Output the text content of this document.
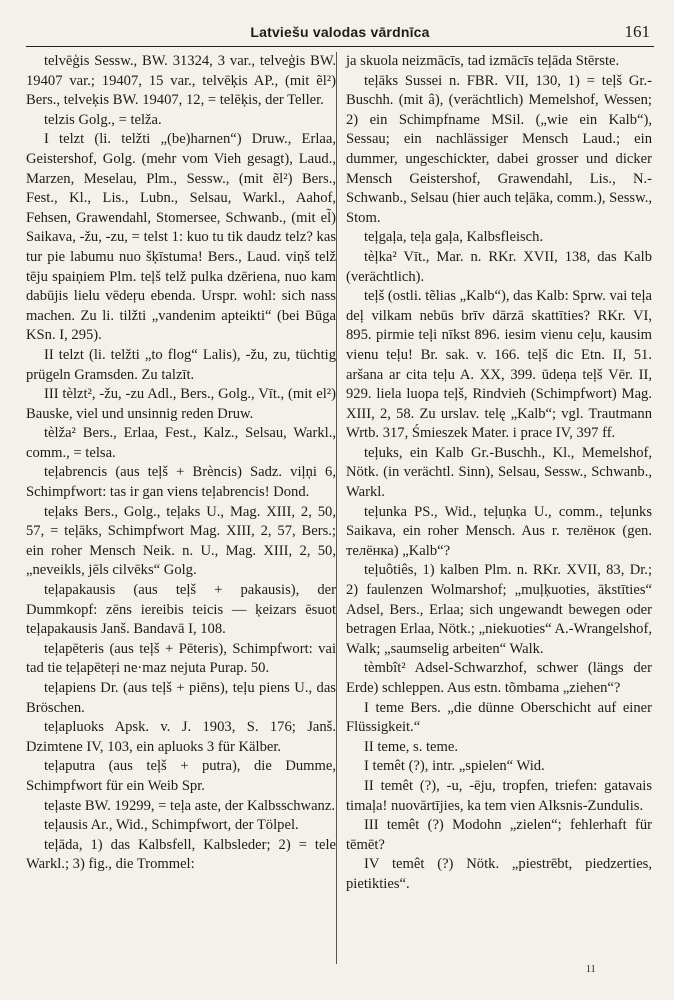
Latviešu valodas vārdnīca	161

telvēģis Sessw., BW. 31324, 3 var., telveģis BW. 19407 var.; 19407, 15 var., telvēķis AP., (mit ẽl²) Bers., telveķis BW. 19407, 12, = telēķis, der Teller.

telzis Golg., = telža.

I telzt (li. telžti „(be)harnen“) Druw., Erlaa, Geistershof, Golg. (mehr vom Vieh gesagt), Laud., Marzen, Meselau, Plm., Sessw., (mit ẽl²) Bers., Fest., Kl., Lis., Lubn., Selsau, Warkl., Aahof, Fehsen, Grawendahl, Stomersee, Schwanb., (mit el̃) Saikava, -žu, -zu, = telst 1: kuo tu tik daudz telz? kas tur pie labumu nuo šķīstuma! Bers., Laud. viņš telž tēju spaiņiem Plm. teļš telž pulka dzēriena, nuo kam dabūjis lielu vēdeŗu ebenda. Urspr. wohl: sich nass machen. Zu li. tilžti „vandenim apteikti“ (bei Būga KSn. I, 295).

II telzt (li. telžti „to flog“ Lalis), -žu, zu, tüchtig prügeln Gramsden. Zu talzīt.

III tèlzt², -žu, -zu Adl., Bers., Golg., Vīt., (mit el²) Bauske, viel und unsinnig reden Druw.

tèlža² Bers., Erlaa, Fest., Kalz., Selsau, Warkl., comm., = telsa.

teļabrencis (aus teļš + Brèncis) Sadz. viļņi 6, Schimpfwort: tas ir gan viens teļabrencis! Dond.

teļaks Bers., Golg., teļaks U., Mag. XIII, 2, 50, 57, = teļāks, Schimpfwort Mag. XIII, 2, 57, Bers.; ein roher Mensch Neik. n. U., Mag. XIII, 2, 50, „neveikls, jēls cilvēks“ Golg.

teļapakausis (aus teļš + pakausis), der Dummkopf: zēns iereibis teicis — ķeizars ēsuot teļapakausis Janš. Bandavā I, 108.

teļapēteris (aus teļš + Pēteris), Schimpfwort: vai tad tie teļapēteŗi ne·maz nejuta Purap. 50.

teļapiens Dr. (aus teļš + piēns), teļu piens U., das Bröschen.

teļapluoks Apsk. v. J. 1903, S. 176; Janš. Dzimtene IV, 103, ein apluoks 3 für Kälber.

teļaputra (aus teļš + putra), die Dumme, Schimpfwort für ein Weib Spr.

teļaste BW. 19299, = teļa aste, der Kalbsschwanz.

teļausis Ar., Wid., Schimpfwort, der Tölpel.

teļāda, 1) das Kalbsfell, Kalbsleder; 2) = tele Warkl.; 3) fig., die Trommel:

ja skuola neizmācīs, tad izmācīs teļāda Stērste.

teļāks Sussei n. FBR. VII, 130, 1) = teļš Gr.-Buschh. (mit â), (verächtlich) Memelshof, Wessen; 2) ein Schimpfname MSil. („wie ein Kalb“), Sessau; ein nachlässiger Mensch Laud.; ein dummer, ungeschickter, dabei grosser und dicker Mensch Geistershof, Grawendahl, Lis., N.-Schwanb., Selsau (hier auch teļāka, comm.), Sessw., Stom.

teļgaļa, teļa gaļa, Kalbsfleisch.

tèļka² Vīt., Mar. n. RKr. XVII, 138, das Kalb (verächtlich).

teļš (ostli. tẽlias „Kalb“), das Kalb: Sprw. vai teļa deļ vilkam nebūs brīv dārzā skattīties? RKr. VI, 895. pirmie teļi nīkst 896. iesim vienu ceļu, kausim vienu teļu! Br. sak. v. 166. teļš dic Etn. II, 51. aršana ar cita teļu A. XX, 399. ūdeņa teļš Vēr. II, 929. liela luopa teļš, Rindvieh (Schimpfwort) Mag. XIII, 2, 58. Zu urslav. telę „Kalb“; vgl. Trautmann Wrtb. 317, Śmieszek Mater. i prace IV, 397 ff.

teļuks, ein Kalb Gr.-Buschh., Kl., Memelshof, Nötk. (in verächtl. Sinn), Selsau, Sessw., Schwanb., Warkl.

teļunka PS., Wid., teļuņka U., comm., teļunks Saikava, ein roher Mensch. Aus r. телёнок (gen. телёнка) „Kalb“?

teļuôtiês, 1) kalben Plm. n. RKr. XVII, 83, Dr.; 2) faulenzen Wolmarshof; „muļķuoties, ākstīties“ Adsel, Bers., Erlaa; sich ungewandt bewegen oder betragen Erlaa, Nötk.; „niekuoties“ A.-Wrangelshof, Walk; „saumselig arbeiten“ Walk.

tèmbît² Adsel-Schwarzhof, schwer (längs der Erde) schleppen. Aus estn. tõmbama „ziehen“?

I teme Bers. „die dünne Oberschicht auf einer Flüssigkeit.“

II teme, s. teme.

I temêt (?), intr. „spielen“ Wid.

II temêt (?), -u, -ēju, tropfen, triefen: gatavais timaļa! nuovārtījies, ka tem vien Alksnis-Zundulis.

III temêt (?) Modohn „zielen“; fehlerhaft für tēmēt?

IV temêt (?) Nötk. „piestrēbt, piedzerties, pietikties“.

11
